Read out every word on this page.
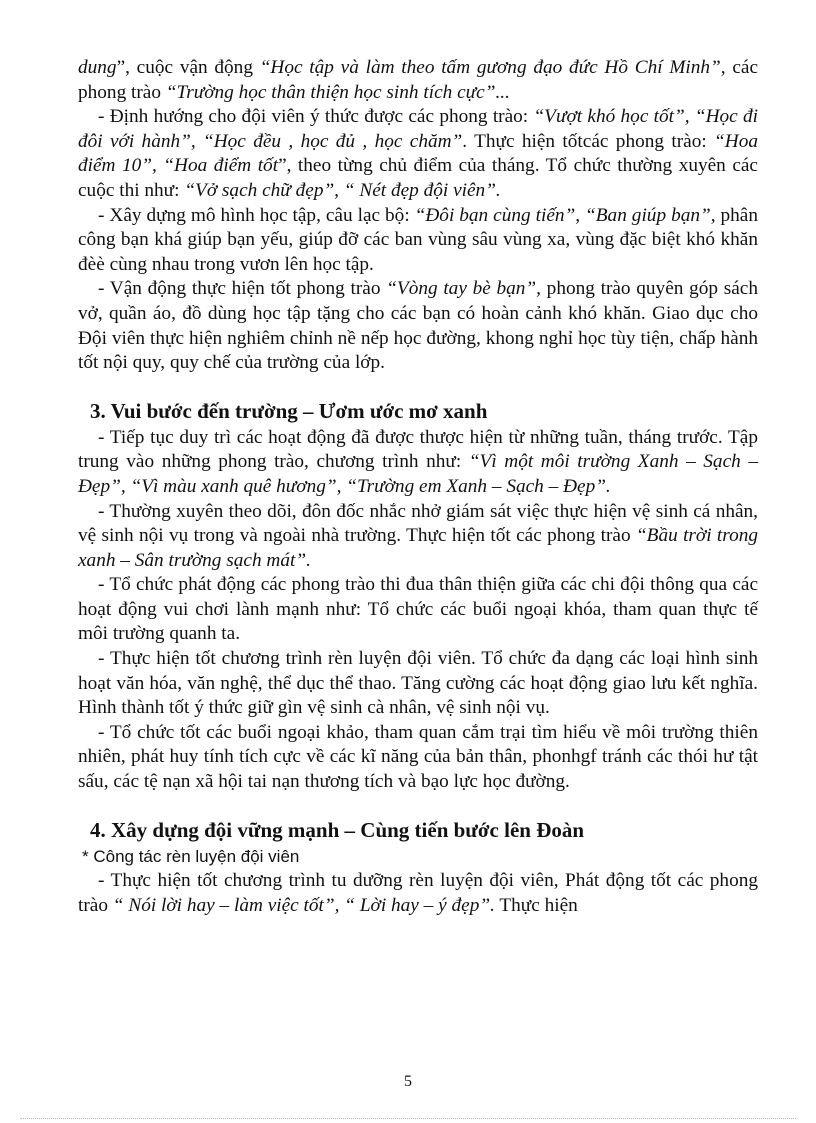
dung”, cuộc vận động “Học tập và làm theo tấm gương đạo đức Hồ Chí Minh”, các phong trào “Trường học thân thiện học sinh tích cực”...

- Định hướng cho đội viên ý thức được các phong trào: “Vượt khó học tốt”, “Học đi đôi với hành”, “Học đều , học đủ , học chăm”. Thực hiện tốtcác phong trào: “Hoa điểm 10”, “Hoa điểm tốt”, theo từng chủ điểm của tháng. Tổ chức thường xuyên các cuộc thi như: “Vở sạch chữ đẹp”, “ Nét đẹp đội viên”.

- Xây dựng mô hình học tập, câu lạc bộ: “Đôi bạn cùng tiến”, “Ban giúp bạn”, phân công bạn khá giúp bạn yếu, giúp đỡ các ban vùng sâu vùng xa, vùng đặc biệt khó khăn đèè cùng nhau trong vươn lên học tập.

- Vận động thực hiện tốt phong trào “Vòng tay bè bạn”, phong trào quyên góp sách vở, quần áo, đồ dùng học tập tặng cho các bạn có hoàn cảnh khó khăn. Giao dục cho Đội viên thực hiện nghiêm chỉnh nề nếp học đường, khong nghỉ học tùy tiện, chấp hành tốt nội quy, quy chế của trường của lớp.

3. Vui bước đến trường – Ươm ước mơ xanh

- Tiếp tục duy trì các hoạt động đã được thược hiện từ những tuần, tháng trước. Tập trung vào những phong trào, chương trình như: “Vì một môi trường Xanh – Sạch – Đẹp”, “Vì màu xanh quê hương”, “Trường em Xanh – Sạch – Đẹp”.

- Thường xuyên theo dõi, đôn đốc nhắc nhở giám sát việc thực hiện vệ sinh cá nhân, vệ sinh nội vụ trong và ngoài nhà trường. Thực hiện tốt các phong trào “Bầu trời trong xanh – Sân trường sạch mát”.

- Tổ chức phát động các phong trào thi đua thân thiện giữa các chi đội thông qua các hoạt động vui chơi lành mạnh như: Tổ chức các buổi ngoại khóa, tham quan thực tế môi trường quanh ta.

- Thực hiện tốt chương trình rèn luyện đội viên. Tổ chức đa dạng các loại hình sinh hoạt văn hóa, văn nghệ, thể dục thể thao. Tăng cường các hoạt động giao lưu kết nghĩa. Hình thành tốt ý thức giữ gìn vệ sinh cà nhân, vệ sinh nội vụ.

- Tổ chức tốt các buổi ngoại khảo, tham quan cắm trại tìm hiểu về môi trường thiên nhiên, phát huy tính tích cực về các kĩ năng của bản thân, phonhgf tránh các thói hư tật sấu, các tệ nạn xã hội tai nạn thương tích và bạo lực học đường.

4. Xây dựng đội vững mạnh – Cùng tiến bước lên Đoàn

* Công tác rèn luyện đội viên

- Thực hiện tốt chương trình tu dưỡng rèn luyện đội viên, Phát động tốt các phong trào “ Nói lời hay – làm việc tốt”, “ Lời hay – ý đẹp”. Thực hiện

5
